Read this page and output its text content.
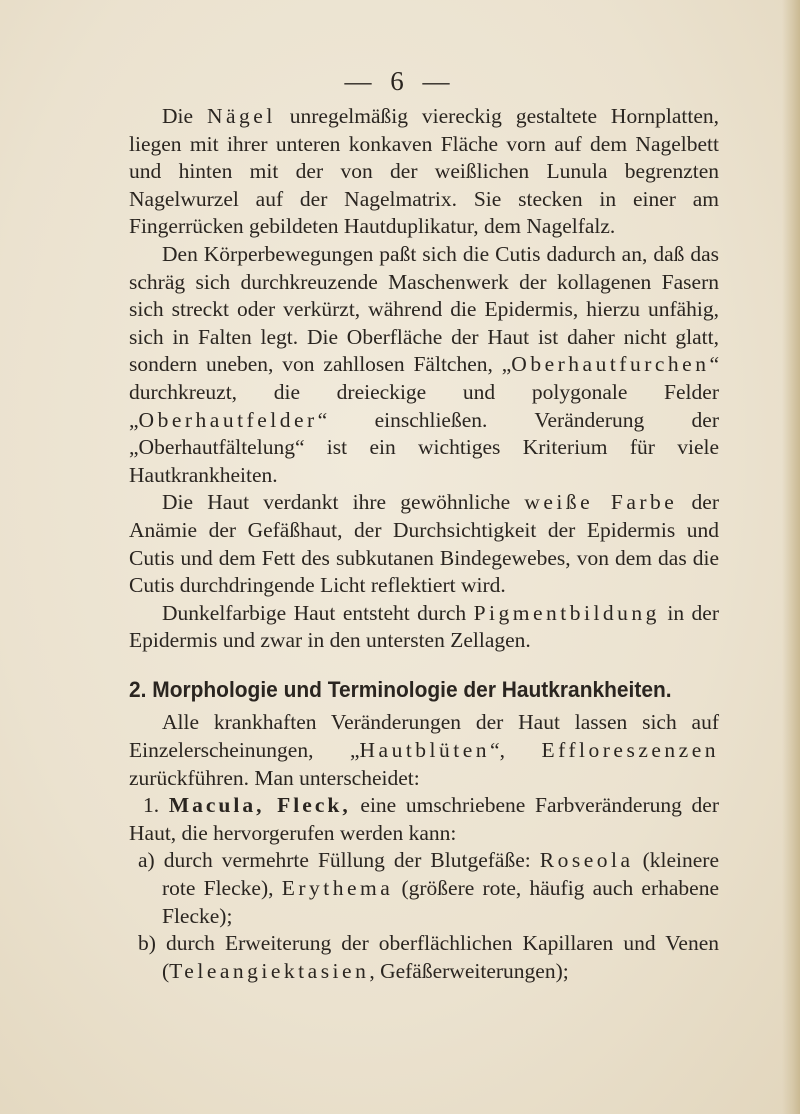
— 6 —

Die Nägel unregelmäßig viereckig gestaltete Hornplatten, liegen mit ihrer unteren konkaven Fläche vorn auf dem Nagelbett und hinten mit der von der weißlichen Lunula begrenzten Nagelwurzel auf der Nagelmatrix. Sie stecken in einer am Fingerrücken gebildeten Hautduplikatur, dem Nagelfalz.

Den Körperbewegungen paßt sich die Cutis dadurch an, daß das schräg sich durchkreuzende Maschenwerk der kollagenen Fasern sich streckt oder verkürzt, während die Epidermis, hierzu unfähig, sich in Falten legt. Die Oberfläche der Haut ist daher nicht glatt, sondern uneben, von zahllosen Fältchen, „Oberhautfurchen“ durchkreuzt, die dreieckige und polygonale Felder „Oberhautfelder“ einschließen. Veränderung der „Oberhautfältelung“ ist ein wichtiges Kriterium für viele Hautkrankheiten.

Die Haut verdankt ihre gewöhnliche weiße Farbe der Anämie der Gefäßhaut, der Durchsichtigkeit der Epidermis und Cutis und dem Fett des subkutanen Bindegewebes, von dem das die Cutis durchdringende Licht reflektiert wird.

Dunkelfarbige Haut entsteht durch Pigmentbildung in der Epidermis und zwar in den untersten Zellagen.

2. Morphologie und Terminologie der Hautkrankheiten.

Alle krankhaften Veränderungen der Haut lassen sich auf Einzelerscheinungen, „Hautblüten“, Effloreszenzen zurückführen. Man unterscheidet:

1. Macula, Fleck, eine umschriebene Farbveränderung der Haut, die hervorgerufen werden kann:

a) durch vermehrte Füllung der Blutgefäße: Roseola (kleinere rote Flecke), Erythema (größere rote, häufig auch erhabene Flecke);

b) durch Erweiterung der oberflächlichen Kapillaren und Venen (Teleangiektasien, Gefäßerweiterungen);
